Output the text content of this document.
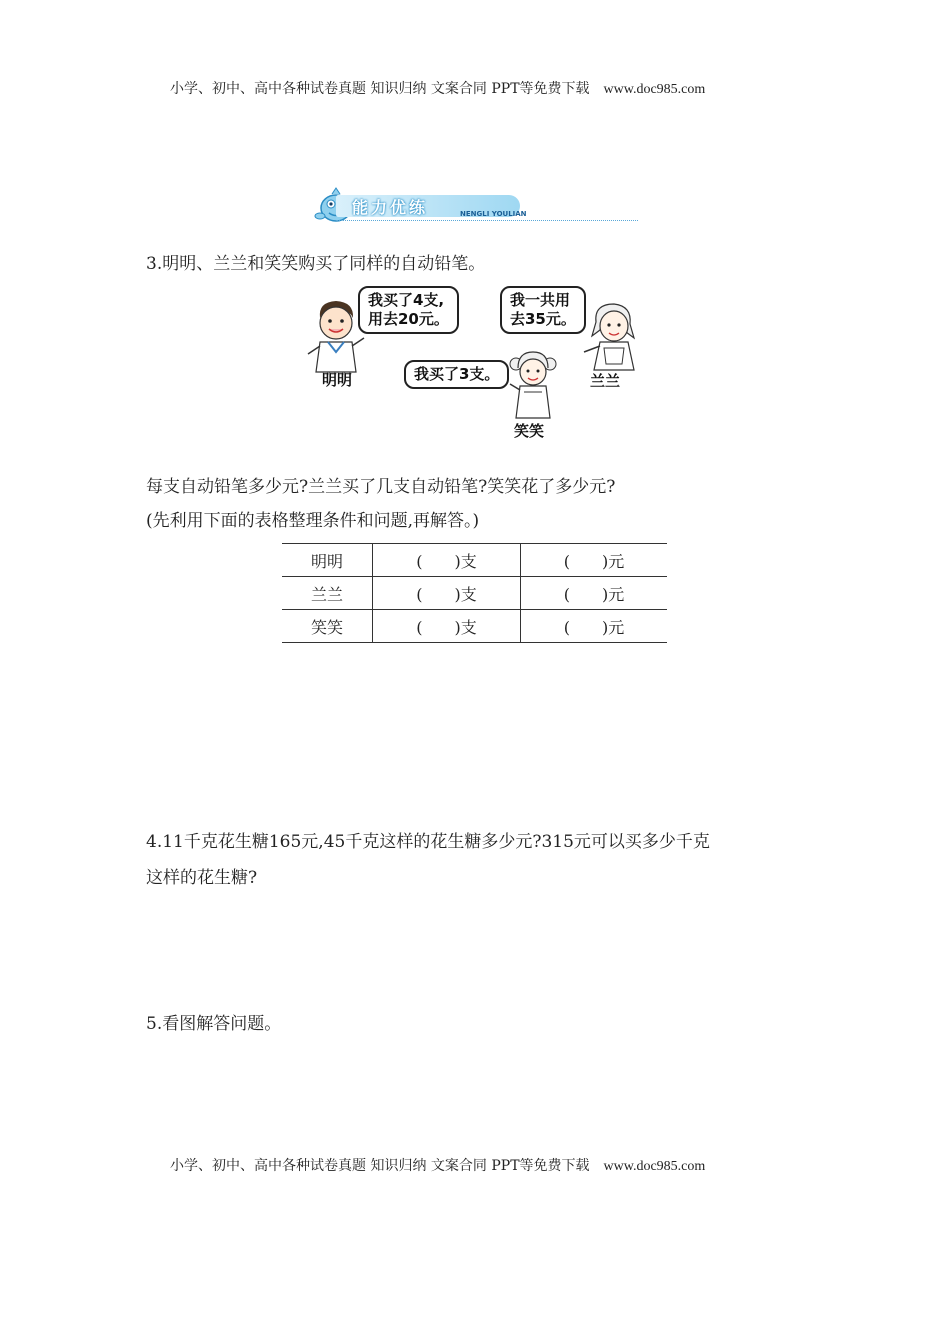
小学、初中、高中各种试卷真题 知识归纳 文案合同 PPT等免费下载 www.doc985.com
能力优练	NENGLI YOULIAN
3.明明、兰兰和笑笑购买了同样的自动铅笔。
明明
我买了4支,
用去20元。
我一共用
去35元。
兰兰
我买了3支。
笑笑
每支自动铅笔多少元?兰兰买了几支自动铅笔?笑笑花了多少元?
(先利用下面的表格整理条件和问题,再解答。)
明明	(　　)支	(　　)元
兰兰	(　　)支	(　　)元
笑笑	(　　)支	(　　)元
4.11千克花生糖165元,45千克这样的花生糖多少元?315元可以买多少千克
这样的花生糖?
5.看图解答问题。
小学、初中、高中各种试卷真题 知识归纳 文案合同 PPT等免费下载 www.doc985.com
